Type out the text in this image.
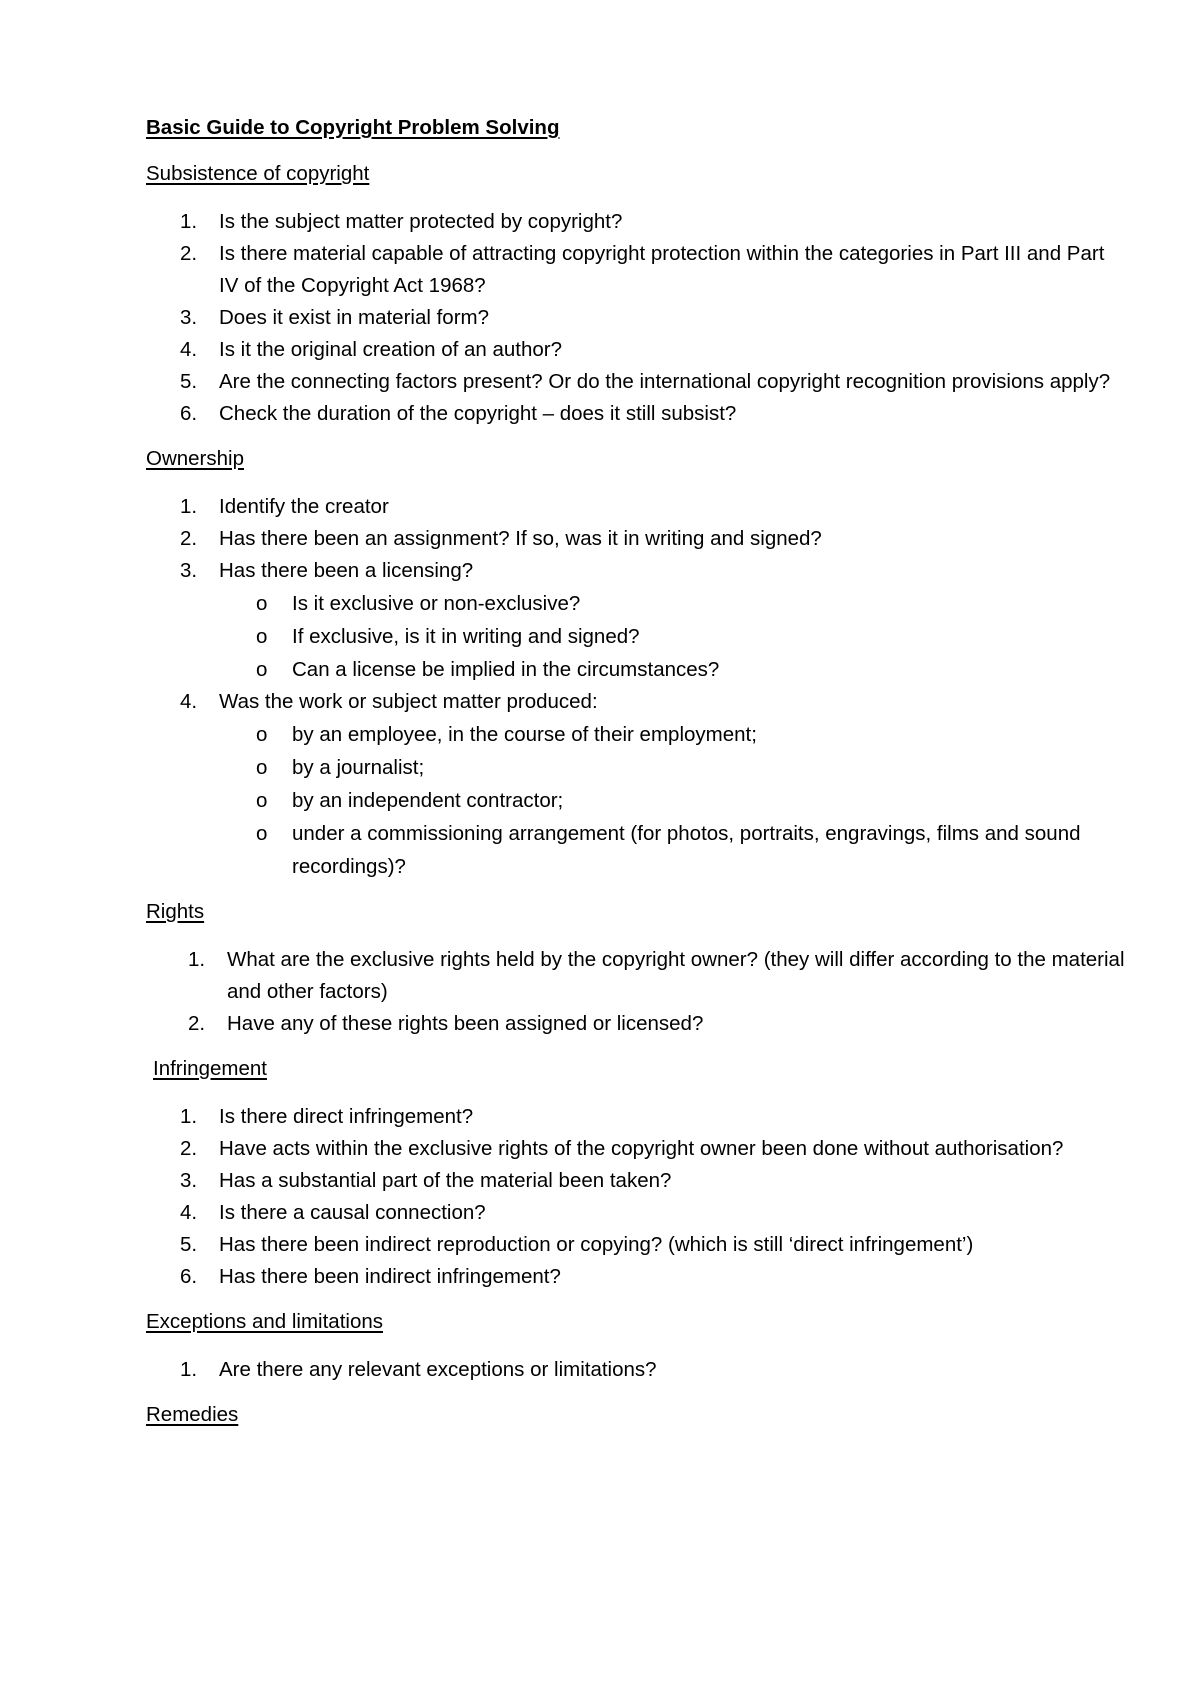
Basic Guide to Copyright Problem Solving

Subsistence of copyright

1. Is the subject matter protected by copyright?
2. Is there material capable of attracting copyright protection within the categories in Part III and Part IV of the Copyright Act 1968?
3. Does it exist in material form?
4. Is it the original creation of an author?
5. Are the connecting factors present? Or do the international copyright recognition provisions apply?
6. Check the duration of the copyright – does it still subsist?

Ownership

1. Identify the creator
2. Has there been an assignment? If so, was it in writing and signed?
3. Has there been a licensing?
o Is it exclusive or non-exclusive?
o If exclusive, is it in writing and signed?
o Can a license be implied in the circumstances?
4. Was the work or subject matter produced:
o by an employee, in the course of their employment;
o by a journalist;
o by an independent contractor;
o under a commissioning arrangement (for photos, portraits, engravings, films and sound recordings)?

Rights

1. What are the exclusive rights held by the copyright owner? (they will differ according to the material and other factors)
2. Have any of these rights been assigned or licensed?

Infringement

1. Is there direct infringement?
2. Have acts within the exclusive rights of the copyright owner been done without authorisation?
3. Has a substantial part of the material been taken?
4. Is there a causal connection?
5. Has there been indirect reproduction or copying? (which is still ‘direct infringement’)
6. Has there been indirect infringement?

Exceptions and limitations

1. Are there any relevant exceptions or limitations?

Remedies
